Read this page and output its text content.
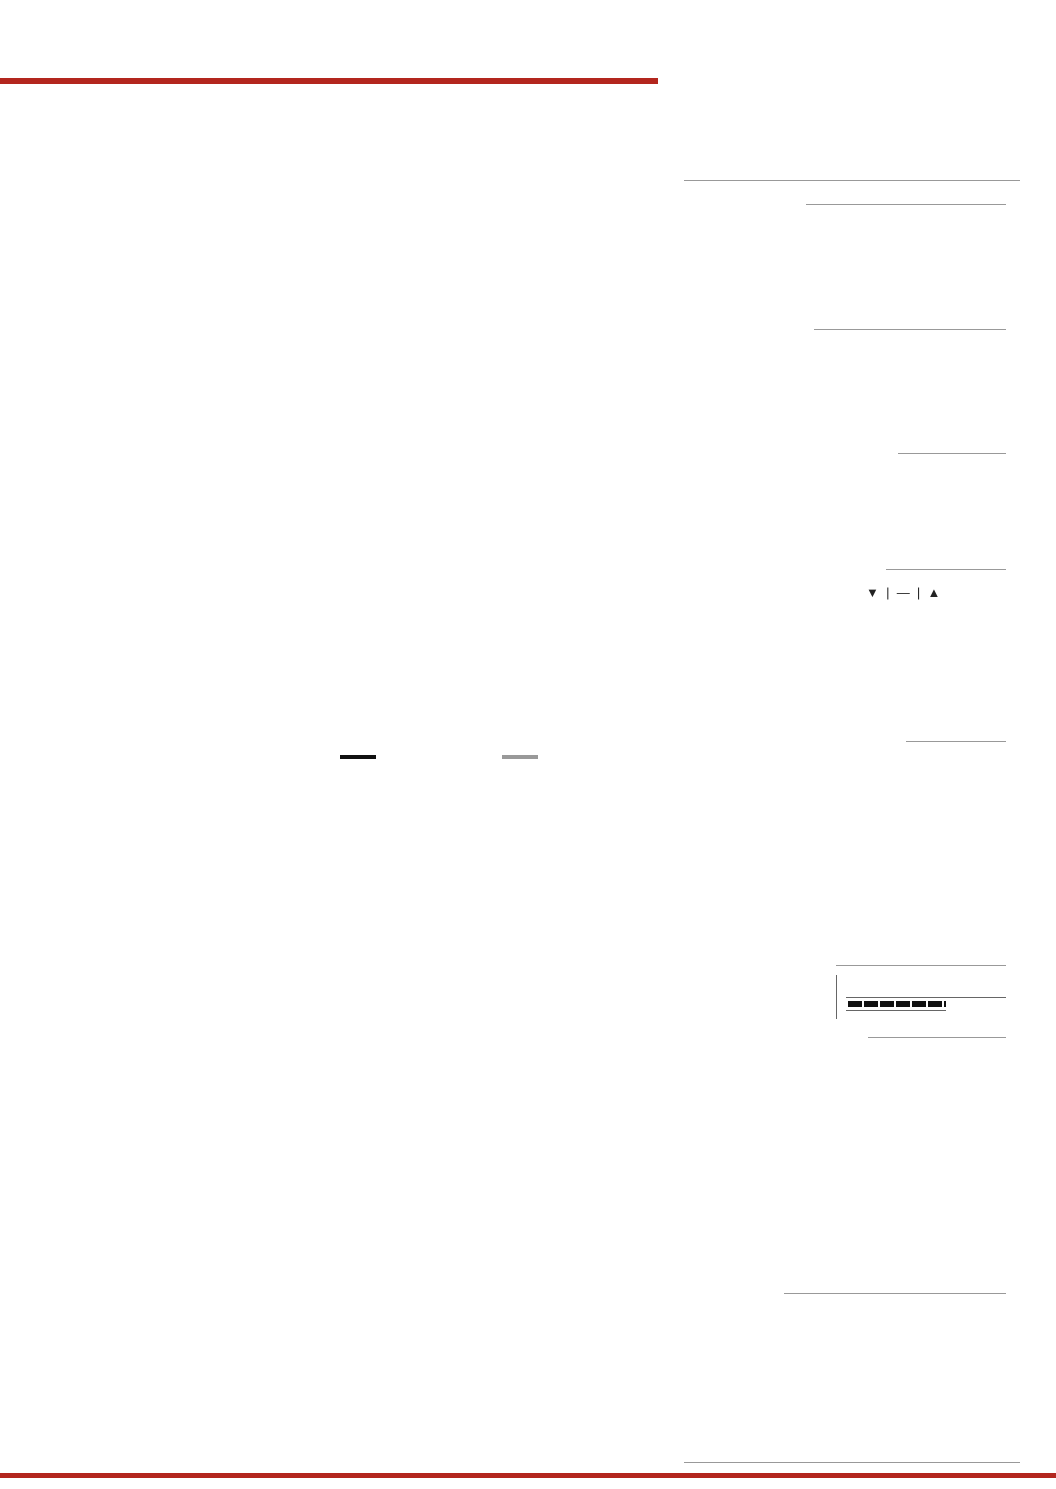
▼  |  —  |  ▲
